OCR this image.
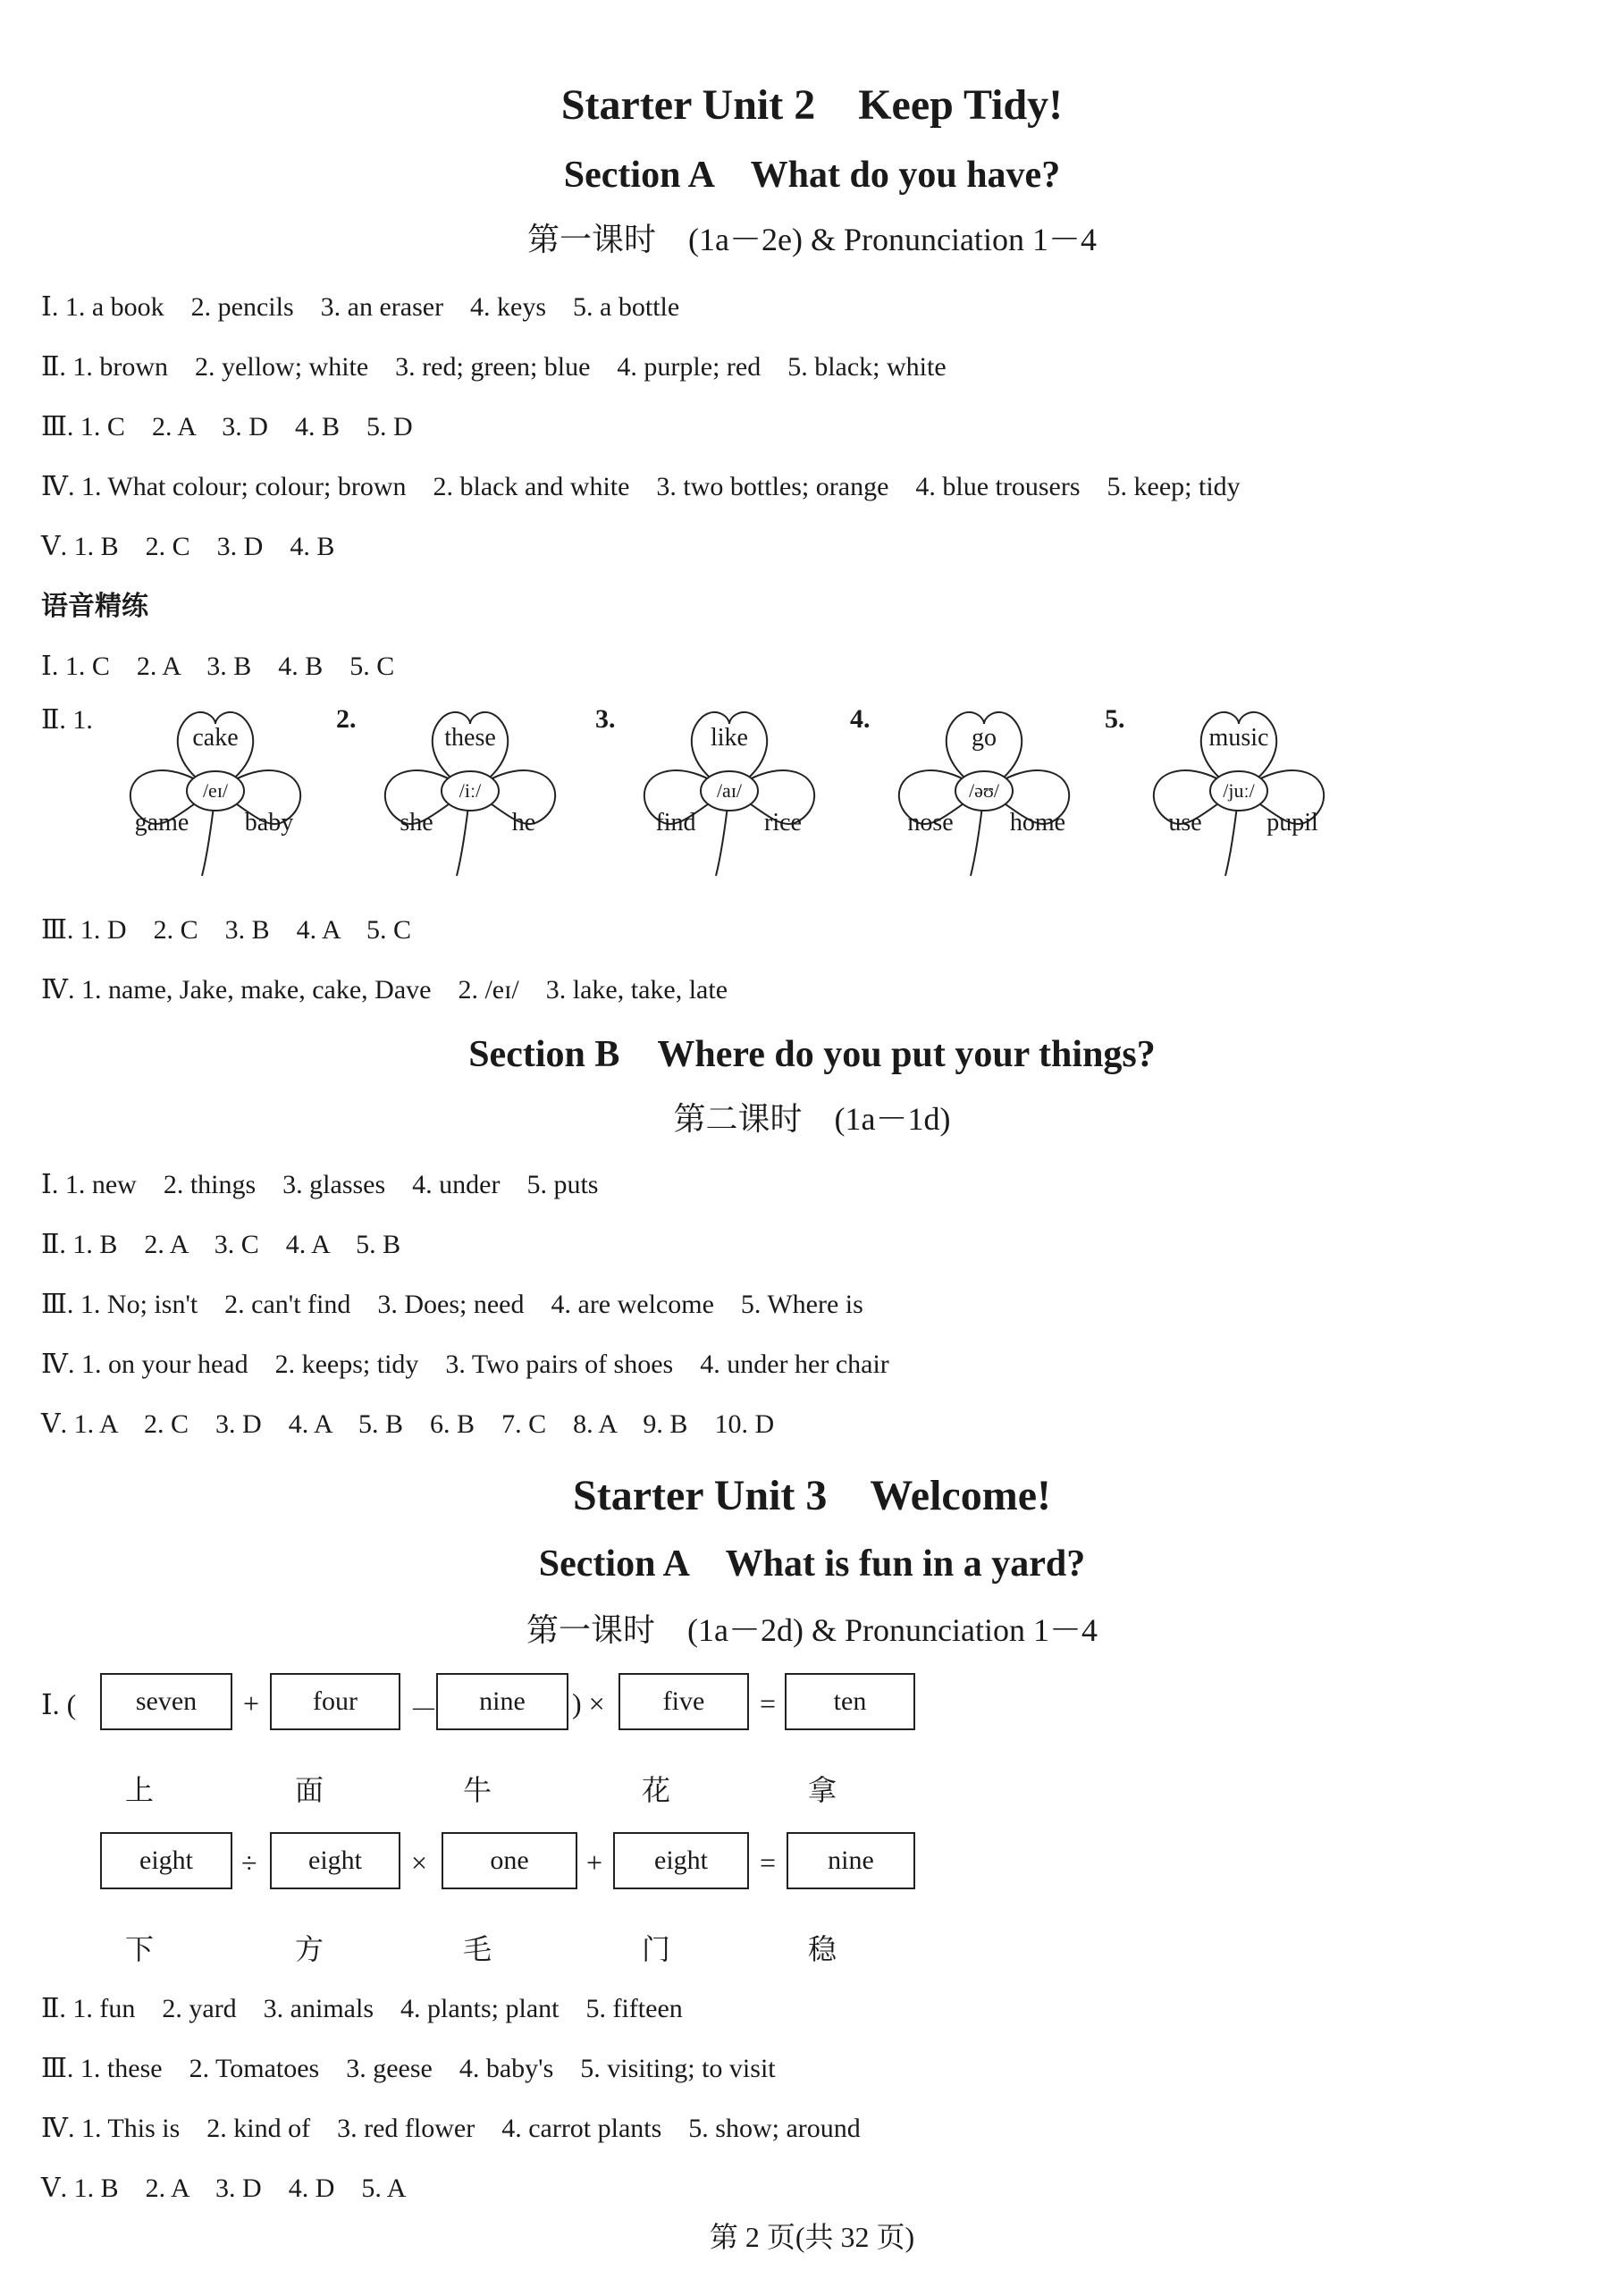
Starter Unit 2　Keep Tidy!
Section A　What do you have?
第一课时　(1a－2e) & Pronunciation 1－4
Ⅰ. 1. a book　2. pencils　3. an eraser　4. keys　5. a bottle
Ⅱ. 1. brown　2. yellow; white　3. red; green; blue　4. purple; red　5. black; white
Ⅲ. 1. C　2. A　3. D　4. B　5. D
Ⅳ. 1. What colour; colour; brown　2. black and white　3. two bottles; orange　4. blue trousers　5. keep; tidy
Ⅴ. 1. B　2. C　3. D　4. B
语音精练
Ⅰ. 1. C　2. A　3. B　4. B　5. C
Ⅱ. 1.
cake
/eɪ/
game baby
2.
these
/iː/
she	he
3.
like
/aɪ/
find	rice
4.
go
/əʊ/
nose home
5.
music
/juː/
use	pupil
Ⅲ. 1. D　2. C　3. B　4. A　5. C
Ⅳ. 1. name, Jake, make, cake, Dave　2. /eɪ/　3. lake, take, late
Section B　Where do you put your things?
第二课时　(1a－1d)
Ⅰ. 1. new　2. things　3. glasses　4. under　5. puts
Ⅱ. 1. B　2. A　3. C　4. A　5. B
Ⅲ. 1. No; isn't　2. can't find　3. Does; need　4. are welcome　5. Where is
Ⅳ. 1. on your head　2. keeps; tidy　3. Two pairs of shoes　4. under her chair
Ⅴ. 1. A　2. C　3. D　4. A　5. B　6. B　7. C　8. A　9. B　10. D
Starter Unit 3　Welcome!
Section A　What is fun in a yard?
第一课时　(1a－2d) & Pronunciation 1－4
Ⅰ. (	seven	+	four	－	nine	) ×	five	=	ten
上	面	牛	花	拿
eight	÷	eight	×	one	+	eight	=	nine
下	方	毛	门	稳
Ⅱ. 1. fun　2. yard　3. animals　4. plants; plant　5. fifteen
Ⅲ. 1. these　2. Tomatoes　3. geese　4. baby's　5. visiting; to visit
Ⅳ. 1. This is　2. kind of　3. red flower　4. carrot plants　5. show; around
Ⅴ. 1. B　2. A　3. D　4. D　5. A
第 2 页(共 32 页)
